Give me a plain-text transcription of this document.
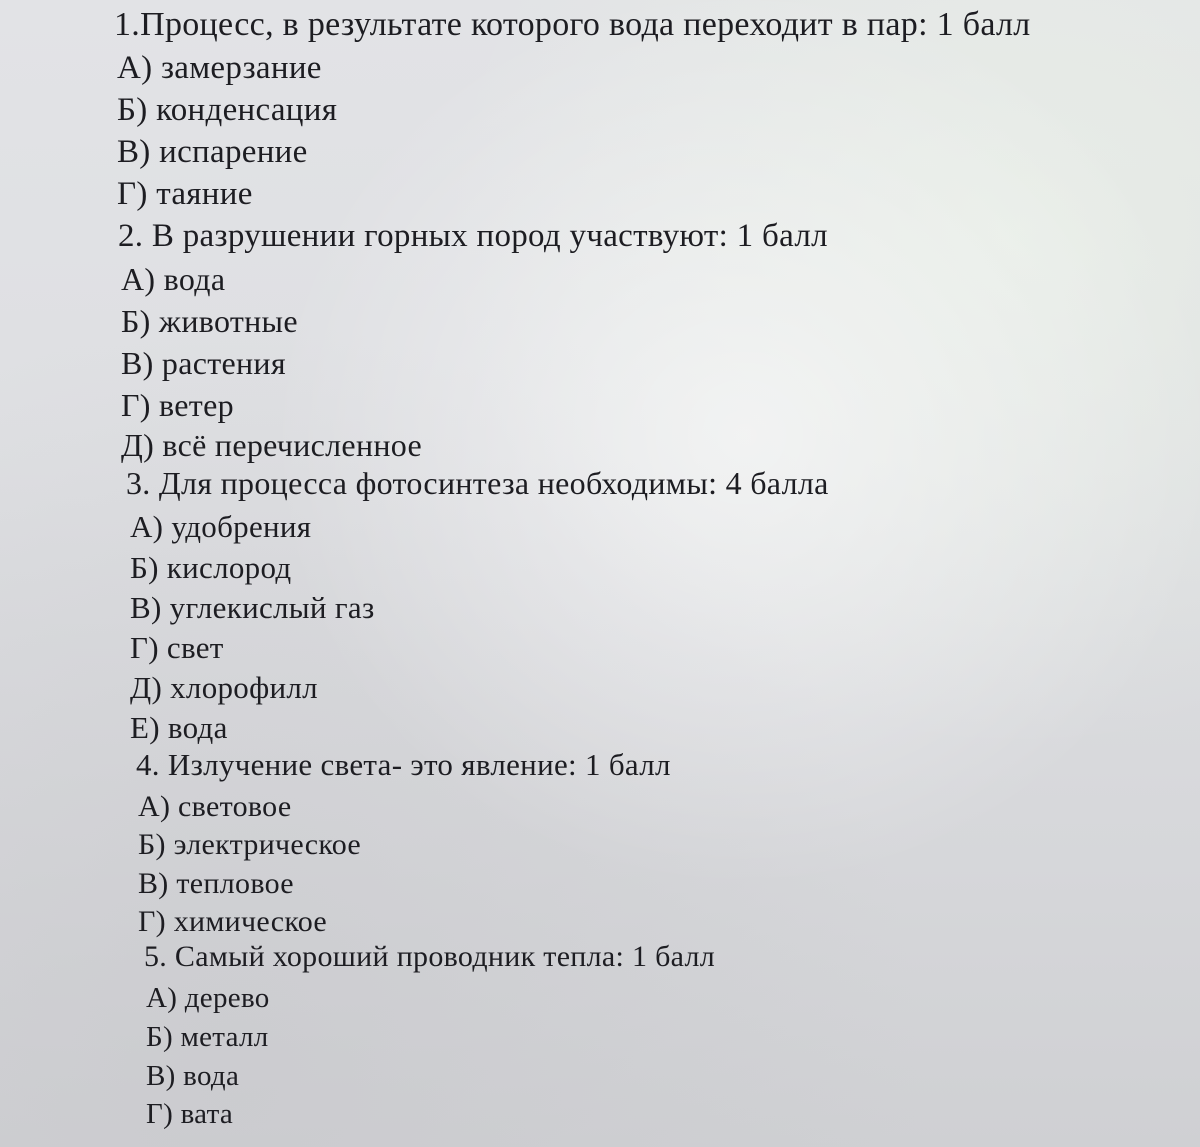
1.Процесс, в результате которого вода переходит в пар: 1 балл
А) замерзание
Б) конденсация
В) испарение
Г) таяние
2. В разрушении горных пород участвуют: 1 балл
А) вода
Б) животные
В) растения
Г) ветер
Д) всё перечисленное
3. Для процесса фотосинтеза необходимы: 4 балла
А) удобрения
Б) кислород
В) углекислый газ
Г) свет
Д) хлорофилл
Е) вода
4. Излучение света- это явление: 1 балл
А) световое
Б) электрическое
В) тепловое
Г) химическое
5. Самый хороший проводник тепла: 1 балл
А) дерево
Б) металл
В) вода
Г) вата
